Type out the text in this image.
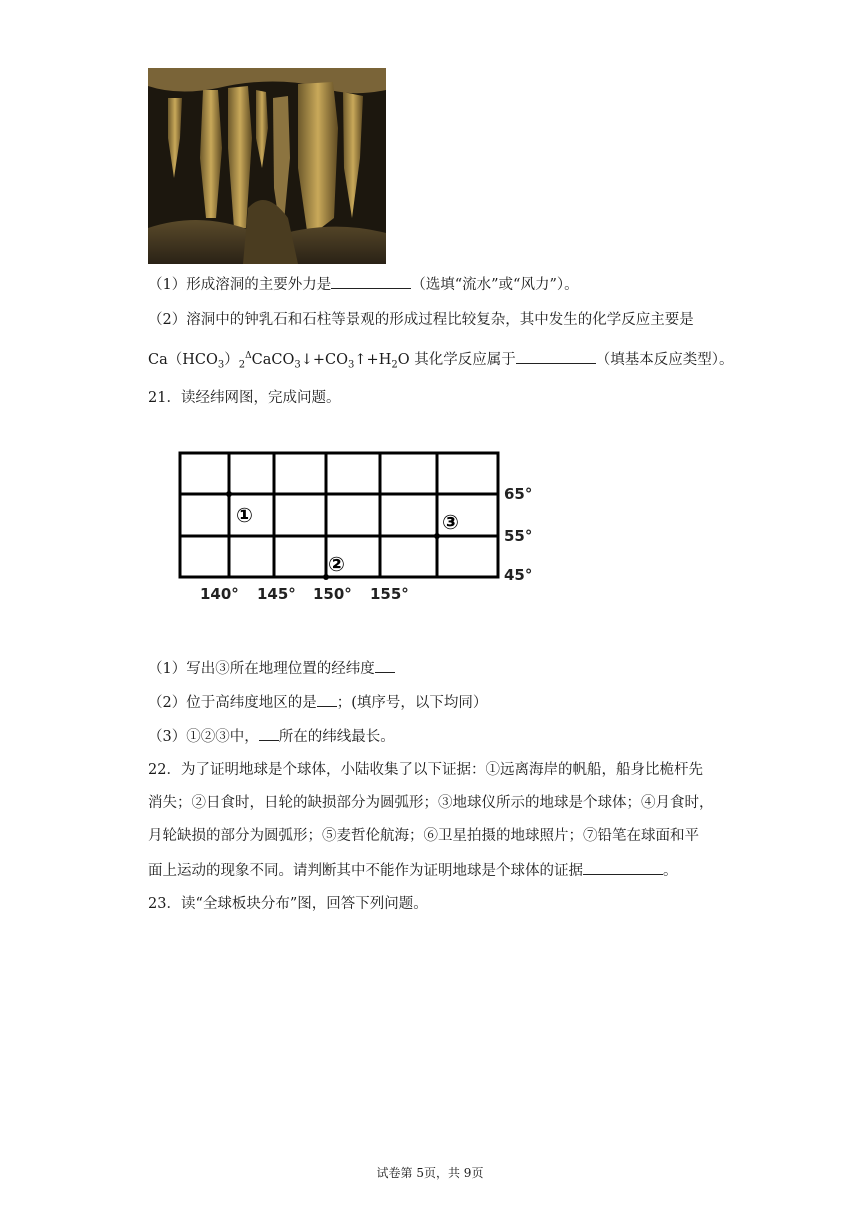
（1）形成溶洞的主要外力是	（选填“流水”或“风力”）。
（2）溶洞中的钟乳石和石柱等景观的形成过程比较复杂，其中发生的化学反应主要是
$Ca(HCO_3)_2^\Delta CaCO_3↓+CO_3↑+H_2O$ 其化学反应属于	（填基本反应类型）。
21．读经纬网图，完成问题。
①
②
③
65°
55°
45°
140° 145° 150° 155°
（1）写出③所在地理位置的经纬度
（2）位于高纬度地区的是 ；(填序号，以下均同）
（3）①②③中， 所在的纬线最长。
22．为了证明地球是个球体，小陆收集了以下证据：①远离海岸的帆船，船身比桅杆先
消失；②日食时，日轮的缺损部分为圆弧形；③地球仪所示的地球是个球体；④月食时，
月轮缺损的部分为圆弧形；⑤麦哲伦航海；⑥卫星拍摄的地球照片；⑦铅笔在球面和平
面上运动的现象不同。请判断其中不能作为证明地球是个球体的证据	。
23．读“全球板块分布”图，回答下列问题。
试卷第 5页，共 9页
